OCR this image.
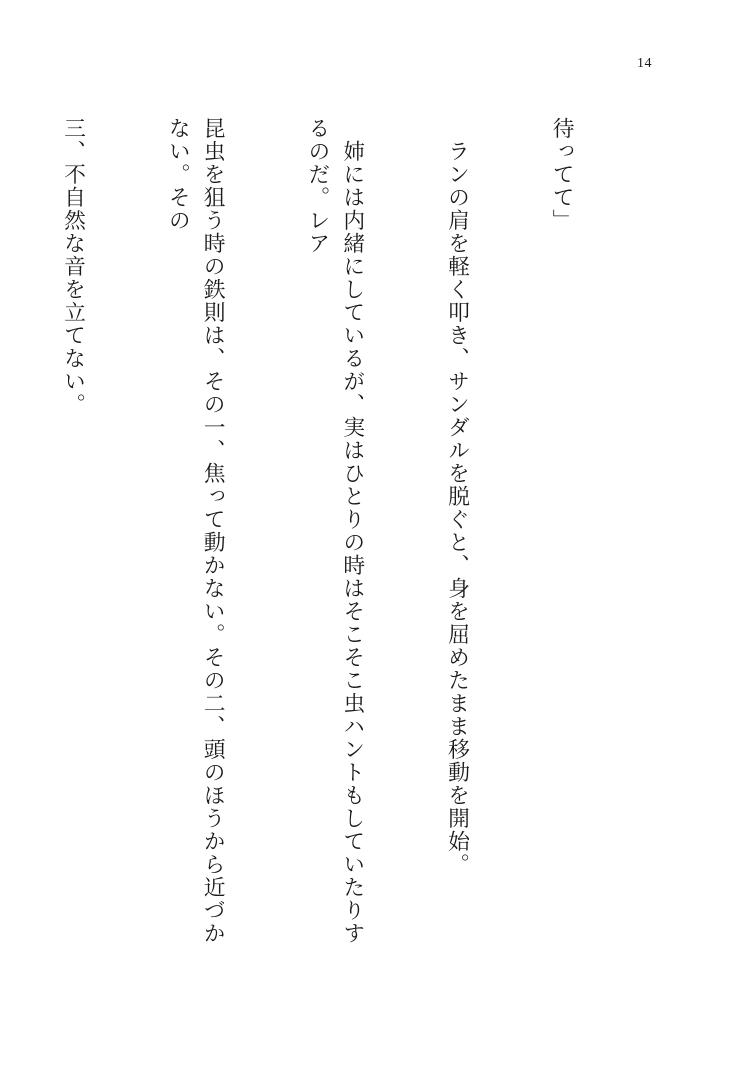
14

待ってて」

　ランの肩を軽く叩き、サンダルを脱ぐと、身を屈めたまま移動を開始。

　姉には内緒にしているが、実はひとりの時はそこそこ虫ハントもしていたりするのだ。レア

昆虫を狙う時の鉄則は、その一、焦って動かない。その二、頭のほうから近づかない。その

三、不自然な音を立てない。
